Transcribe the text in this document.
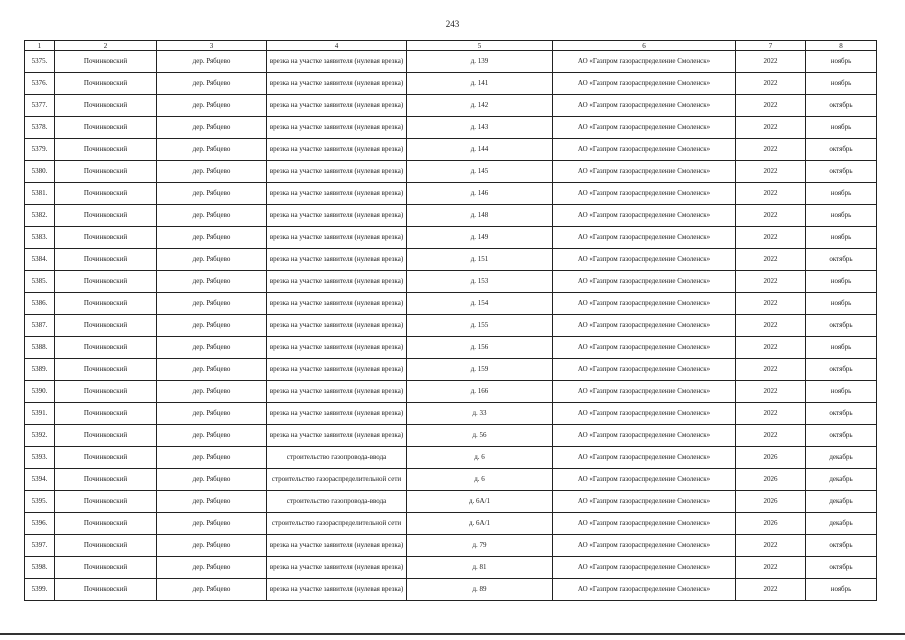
243
1	2	3	4	5	6	7	8
5375.	Починковский	дер. Рябцево	врезка на участке заявителя (нулевая врезка)	д. 139	АО «Газпром газораспределение Смоленск»	2022	ноябрь
5376.	Починковский	дер. Рябцево	врезка на участке заявителя (нулевая врезка)	д. 141	АО «Газпром газораспределение Смоленск»	2022	ноябрь
5377.	Починковский	дер. Рябцево	врезка на участке заявителя (нулевая врезка)	д. 142	АО «Газпром газораспределение Смоленск»	2022	октябрь
5378.	Починковский	дер. Рябцево	врезка на участке заявителя (нулевая врезка)	д. 143	АО «Газпром газораспределение Смоленск»	2022	ноябрь
5379.	Починковский	дер. Рябцево	врезка на участке заявителя (нулевая врезка)	д. 144	АО «Газпром газораспределение Смоленск»	2022	октябрь
5380.	Починковский	дер. Рябцево	врезка на участке заявителя (нулевая врезка)	д. 145	АО «Газпром газораспределение Смоленск»	2022	октябрь
5381.	Починковский	дер. Рябцево	врезка на участке заявителя (нулевая врезка)	д. 146	АО «Газпром газораспределение Смоленск»	2022	ноябрь
5382.	Починковский	дер. Рябцево	врезка на участке заявителя (нулевая врезка)	д. 148	АО «Газпром газораспределение Смоленск»	2022	ноябрь
5383.	Починковский	дер. Рябцево	врезка на участке заявителя (нулевая врезка)	д. 149	АО «Газпром газораспределение Смоленск»	2022	ноябрь
5384.	Починковский	дер. Рябцево	врезка на участке заявителя (нулевая врезка)	д. 151	АО «Газпром газораспределение Смоленск»	2022	октябрь
5385.	Починковский	дер. Рябцево	врезка на участке заявителя (нулевая врезка)	д. 153	АО «Газпром газораспределение Смоленск»	2022	ноябрь
5386.	Починковский	дер. Рябцево	врезка на участке заявителя (нулевая врезка)	д. 154	АО «Газпром газораспределение Смоленск»	2022	ноябрь
5387.	Починковский	дер. Рябцево	врезка на участке заявителя (нулевая врезка)	д. 155	АО «Газпром газораспределение Смоленск»	2022	октябрь
5388.	Починковский	дер. Рябцево	врезка на участке заявителя (нулевая врезка)	д. 156	АО «Газпром газораспределение Смоленск»	2022	ноябрь
5389.	Починковский	дер. Рябцево	врезка на участке заявителя (нулевая врезка)	д. 159	АО «Газпром газораспределение Смоленск»	2022	октябрь
5390.	Починковский	дер. Рябцево	врезка на участке заявителя (нулевая врезка)	д. 166	АО «Газпром газораспределение Смоленск»	2022	ноябрь
5391.	Починковский	дер. Рябцево	врезка на участке заявителя (нулевая врезка)	д. 33	АО «Газпром газораспределение Смоленск»	2022	октябрь
5392.	Починковский	дер. Рябцево	врезка на участке заявителя (нулевая врезка)	д. 56	АО «Газпром газораспределение Смоленск»	2022	октябрь
5393.	Починковский	дер. Рябцево	строительство газопровода-ввода	д. 6	АО «Газпром газораспределение Смоленск»	2026	декабрь
5394.	Починковский	дер. Рябцево	строительство газораспределительной сети	д. 6	АО «Газпром газораспределение Смоленск»	2026	декабрь
5395.	Починковский	дер. Рябцево	строительство газопровода-ввода	д. 6А/1	АО «Газпром газораспределение Смоленск»	2026	декабрь
5396.	Починковский	дер. Рябцево	строительство газораспределительной сети	д. 6А/1	АО «Газпром газораспределение Смоленск»	2026	декабрь
5397.	Починковский	дер. Рябцево	врезка на участке заявителя (нулевая врезка)	д. 79	АО «Газпром газораспределение Смоленск»	2022	октябрь
5398.	Починковский	дер. Рябцево	врезка на участке заявителя (нулевая врезка)	д. 81	АО «Газпром газораспределение Смоленск»	2022	октябрь
5399.	Починковский	дер. Рябцево	врезка на участке заявителя (нулевая врезка)	д. 89	АО «Газпром газораспределение Смоленск»	2022	ноябрь
